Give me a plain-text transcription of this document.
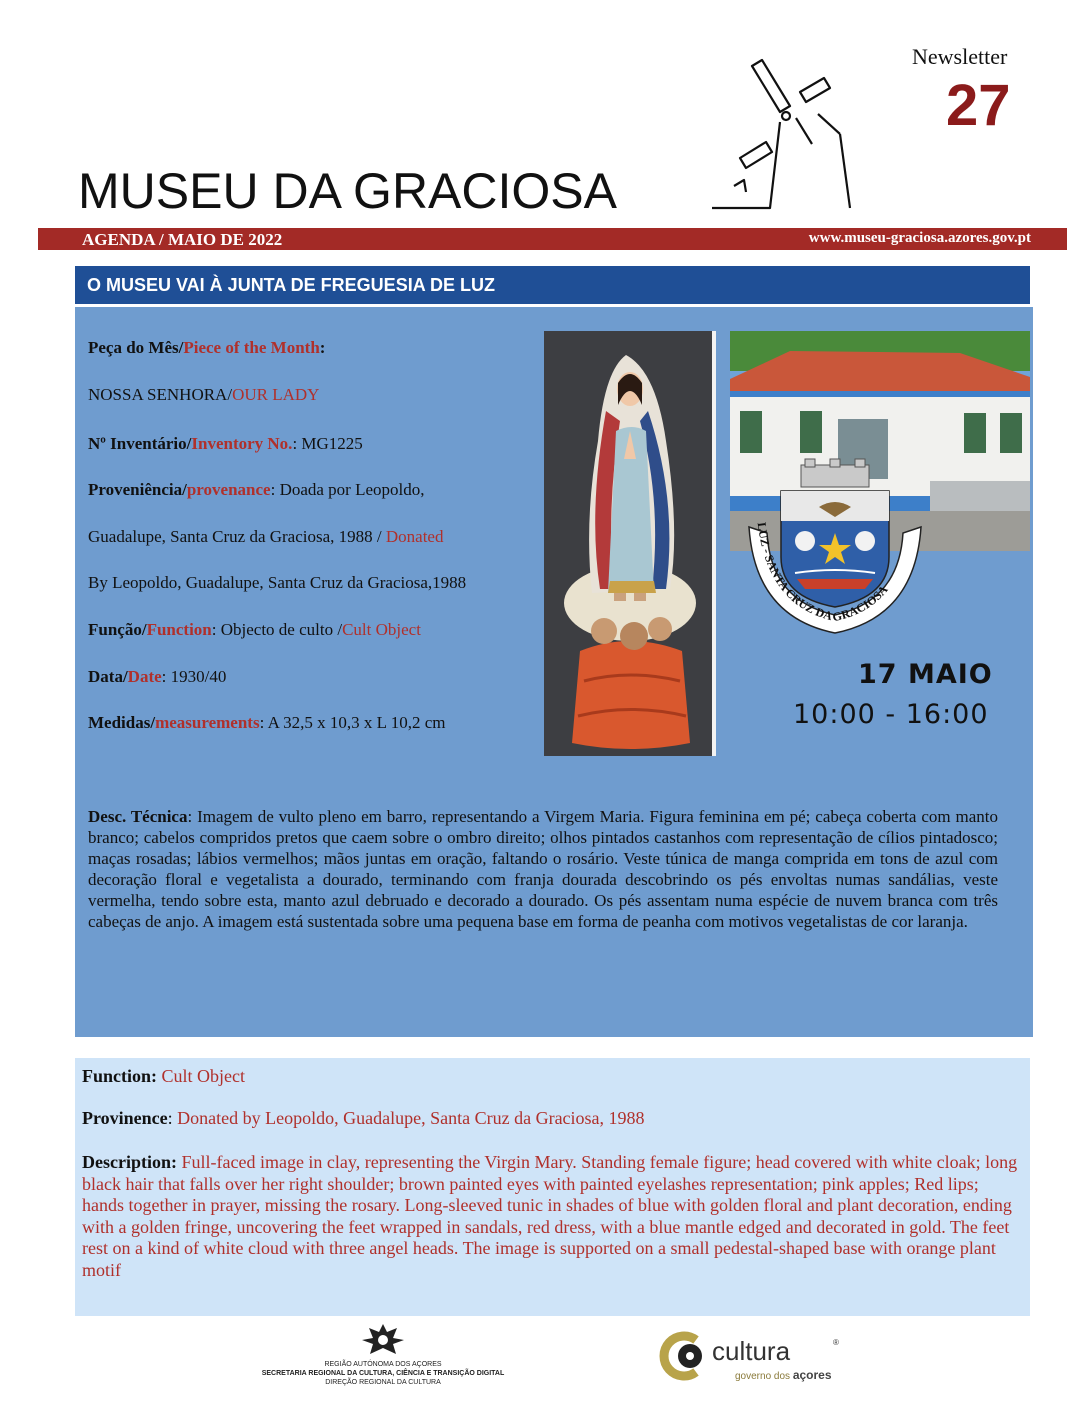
Newsletter
27
MUSEU DA GRACIOSA
AGENDA / MAIO DE 2022	www.museu-graciosa.azores.gov.pt
O MUSEU VAI À JUNTA DE FREGUESIA DE LUZ
Peça do Mês/Piece of the Month:
NOSSA SENHORA/OUR LADY
Nº Inventário/Inventory No.: MG1225
Proveniência/provenance: Doada por Leopoldo,
Guadalupe, Santa Cruz da Graciosa, 1988 / Donated
By Leopoldo, Guadalupe, Santa Cruz da Graciosa,1988
Função/Function: Objecto de culto /Cult Object
Data/Date: 1930/40
Medidas/measurements: A 32,5 x 10,3 x L 10,2 cm
17 MAIO
10:00 - 16:00
Desc. Técnica: Imagem de vulto pleno em barro, representando a Virgem Maria. Figura feminina em pé; cabeça coberta com manto branco; cabelos compridos pretos que caem sobre o ombro direito; olhos pintados castanhos com representação de cílios pintadosco; maças rosadas; lábios vermelhos; mãos juntas em oração, faltando o rosário. Veste túnica de manga comprida em tons de azul com decoração floral e vegetalista a dourado, terminando com franja dourada descobrindo os pés envoltas numas sandálias, veste vermelha, tendo sobre esta, manto azul debruado e decorado a dourado. Os pés assentam numa espécie de nuvem branca com três cabeças de anjo. A imagem está sustentada sobre uma pequena base em forma de peanha com motivos vegetalistas de cor laranja.
LUZ - SANTA CRUZ DA GRACIOSA
Function: Cult Object
Provinence: Donated by Leopoldo, Guadalupe, Santa Cruz da Graciosa, 1988
Description: Full-faced image in clay, representing the Virgin Mary. Standing female figure; head covered with white cloak; long black hair that falls over her right shoulder; brown painted eyes with painted eyelashes representation; pink apples; Red lips; hands together in prayer, missing the rosary. Long-sleeved tunic in shades of blue with golden floral and plant decoration, ending with a golden fringe, uncovering the feet wrapped in sandals, red dress, with a blue mantle edged and decorated in gold. The feet rest on a kind of white cloud with three angel heads. The image is supported on a small pedestal-shaped base with orange plant motif
REGIÃO AUTÓNOMA DOS AÇORES
SECRETARIA REGIONAL DA CULTURA, CIÊNCIA E TRANSIÇÃO DIGITAL
DIREÇÃO REGIONAL DA CULTURA
cultura	®
governo dos açores
